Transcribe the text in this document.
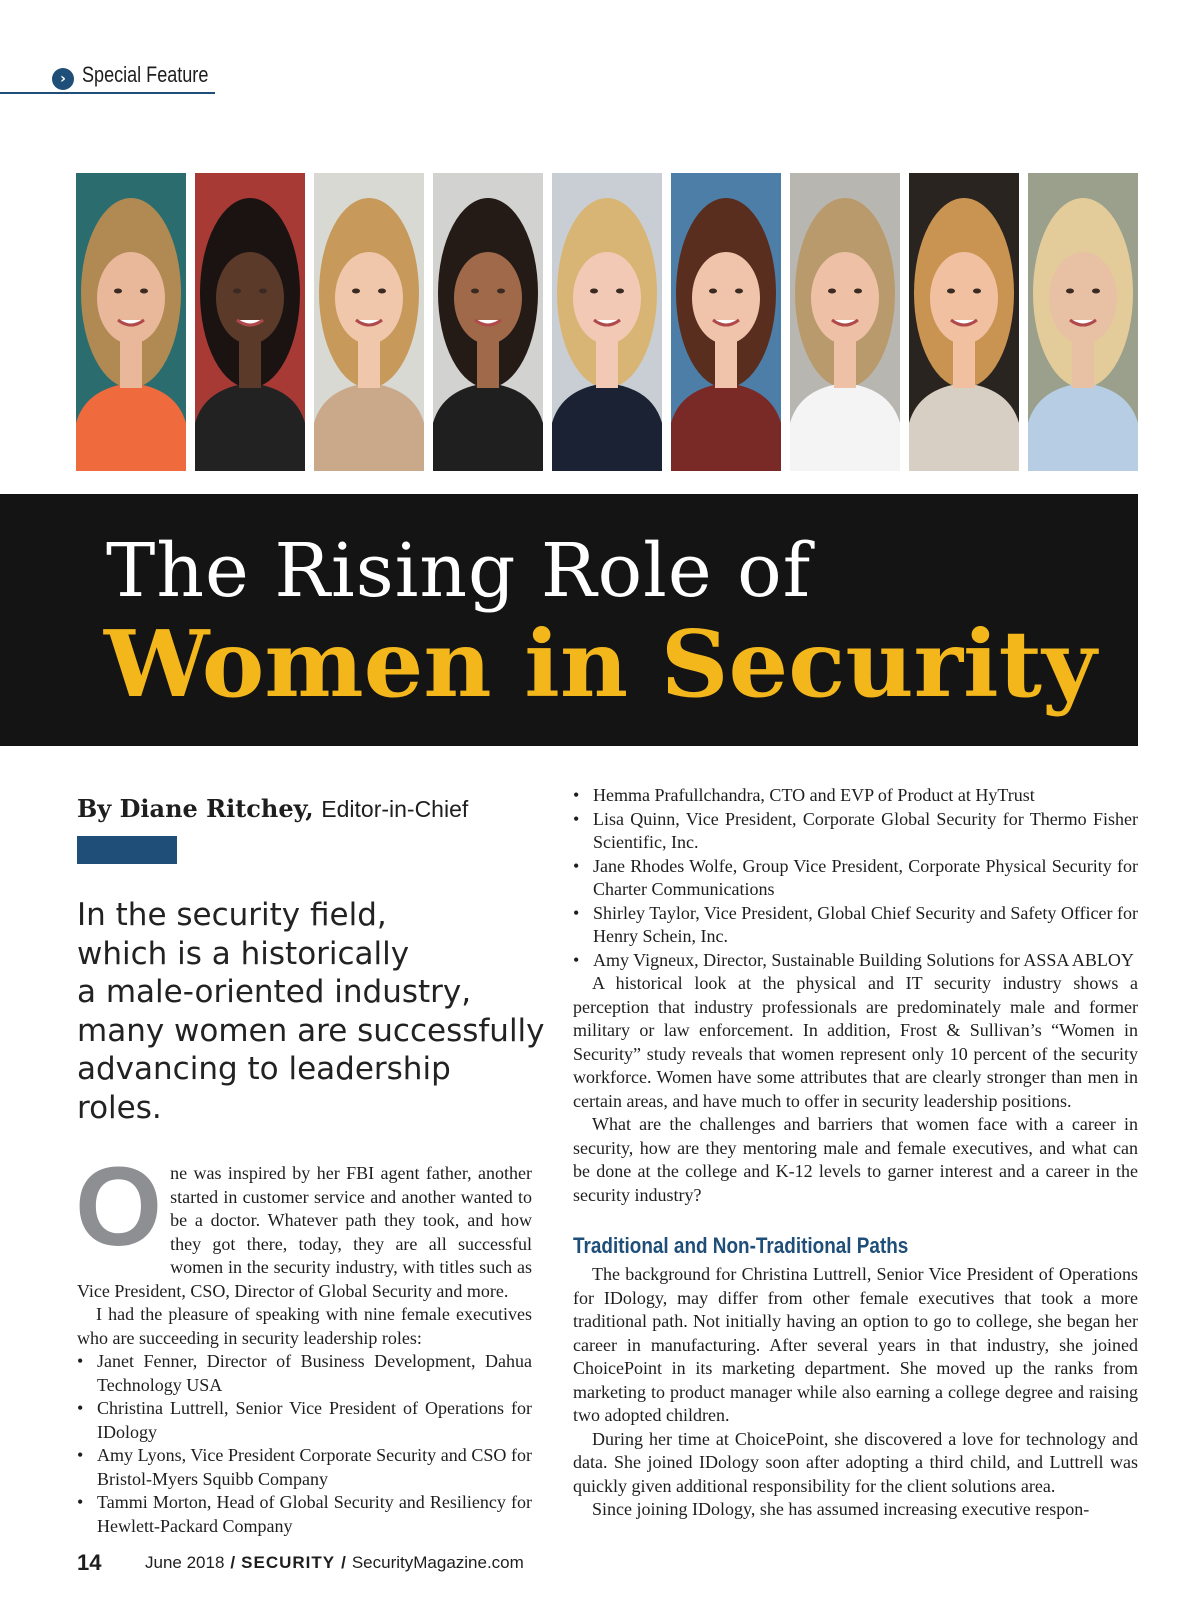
› Special Feature
The Rising Role of
Women in Security
By Diane Ritchey, Editor-in-Chief
In the security field,
which is a historically
a male-oriented industry,
many women are successfully
advancing to leadership
roles.

One was inspired by her FBI agent father, another started in customer service and another wanted to be a doctor. Whatever path they took, and how they got there, today, they are all successful women in the security industry, with titles such as Vice President, CSO, Director of Global Security and more.

I had the pleasure of speaking with nine female executives who are succeeding in security leadership roles:

• Janet Fenner, Director of Business Development, Dahua Technology USA
• Christina Luttrell, Senior Vice President of Operations for IDology
• Amy Lyons, Vice President Corporate Security and CSO for Bristol-Myers Squibb Company
• Tammi Morton, Head of Global Security and Resiliency for Hewlett-Packard Company
• Hemma Prafullchandra, CTO and EVP of Product at HyTrust
• Lisa Quinn, Vice President, Corporate Global Security for Thermo Fisher Scientific, Inc.
• Jane Rhodes Wolfe, Group Vice President, Corporate Physical Security for Charter Communications
• Shirley Taylor, Vice President, Global Chief Security and Safety Officer for Henry Schein, Inc.
• Amy Vigneux, Director, Sustainable Building Solutions for ASSA ABLOY

A historical look at the physical and IT security industry shows a perception that industry professionals are predominately male and former military or law enforcement. In addition, Frost & Sullivan’s “Women in Security” study reveals that women represent only 10 percent of the security workforce. Women have some attributes that are clearly stronger than men in certain areas, and have much to offer in security leadership positions.

What are the challenges and barriers that women face with a career in security, how are they mentoring male and female executives, and what can be done at the college and K-12 levels to garner interest and a career in the security industry?

Traditional and Non-Traditional Paths

The background for Christina Luttrell, Senior Vice President of Operations for IDology, may differ from other female executives that took a more traditional path. Not initially having an option to go to college, she began her career in manufacturing. After several years in that industry, she joined ChoicePoint in its marketing department. She moved up the ranks from marketing to product manager while also earning a college degree and raising two adopted children.

During her time at ChoicePoint, she discovered a love for technology and data. She joined IDology soon after adopting a third child, and Luttrell was quickly given additional responsibility for the client solutions area.

Since joining IDology, she has assumed increasing executive respon-

14	June 2018 / SECURITY / SecurityMagazine.com
